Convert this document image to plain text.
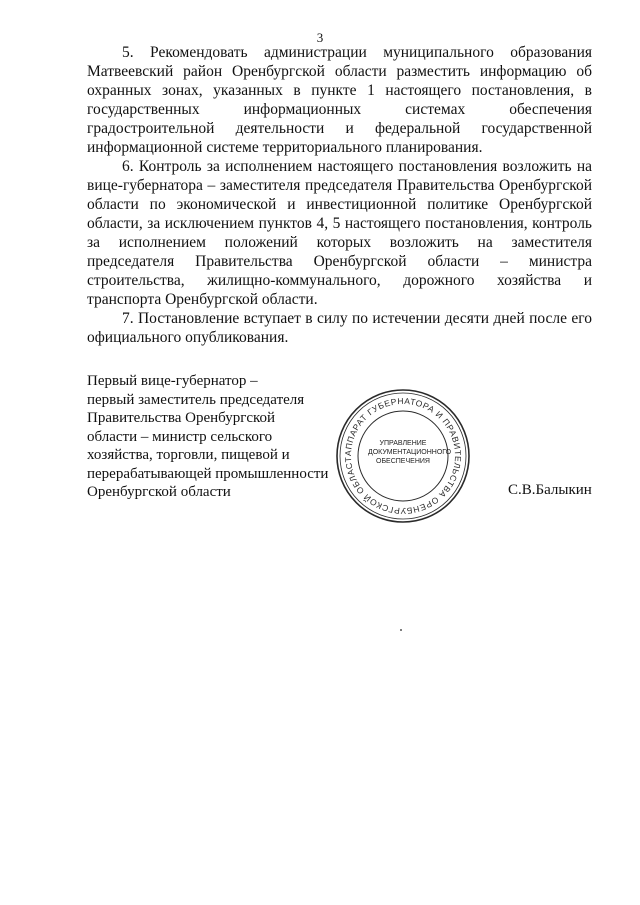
3

5. Рекомендовать администрации муниципального образования Матвеевский район Оренбургской области разместить информацию об охранных зонах, указанных в пункте 1 настоящего постановления, в государственных информационных системах обеспечения градостроительной деятельности и федеральной государственной информационной системе территориального планирования.

6. Контроль за исполнением настоящего постановления возложить на вице-губернатора – заместителя председателя Правительства Оренбургской области по экономической и инвестиционной политике Оренбургской области, за исключением пунктов 4, 5 настоящего постановления, контроль за исполнением положений которых возложить на заместителя председателя Правительства Оренбургской области – министра строительства, жилищно-коммунального, дорожного хозяйства и транспорта Оренбургской области.

7. Постановление вступает в силу по истечении десяти дней после его официального опубликования.

Первый вице-губернатор –
первый заместитель председателя
Правительства Оренбургской
области – министр сельского
хозяйства, торговли, пищевой и
перерабатывающей промышленности
Оренбургской области
АППАРАТ ГУБЕРНАТОРА И ПРАВИТЕЛЬСТВА ОРЕНБУРГСКОЙ ОБЛАСТ
УПРАВЛЕНИЕ
ДОКУМЕНТАЦИОННОГО
ОБЕСПЕЧЕНИЯ
С.В.Балыкин
